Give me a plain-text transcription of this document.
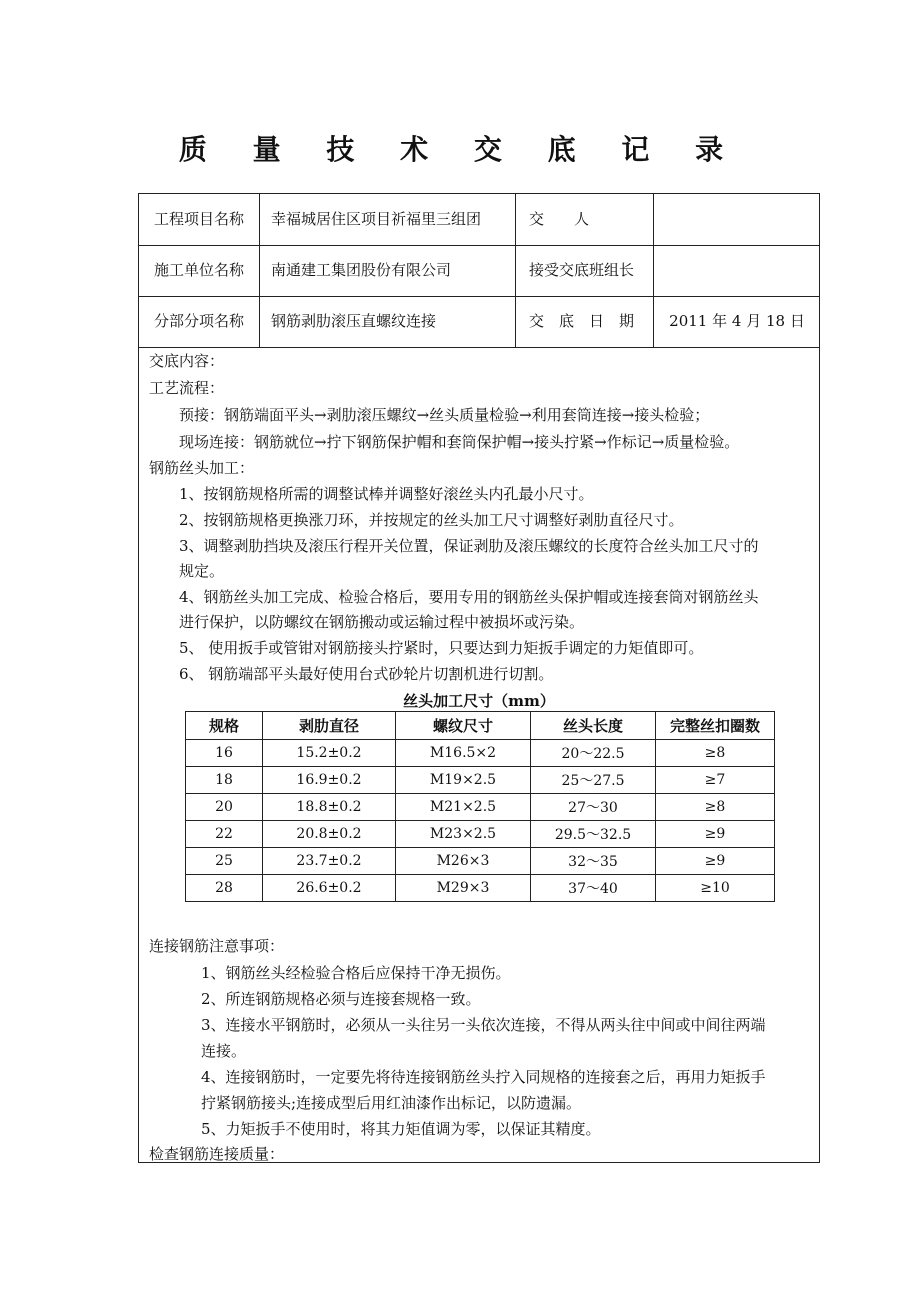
质 量 技 术 交 底 记 录
工程项目名称	幸福城居住区项目祈福里三组团	交　　人
施工单位名称	南通建工集团股份有限公司	接受交底班组长
分部分项名称	钢筋剥肋滚压直螺纹连接	交　底　日　期	2011 年 4 月 18 日
交底内容：
工艺流程：
预接：钢筋端面平头→剥肋滚压螺纹→丝头质量检验→利用套筒连接→接头检验；
现场连接：钢筋就位→拧下钢筋保护帽和套筒保护帽→接头拧紧→作标记→质量检验。
钢筋丝头加工：
1、按钢筋规格所需的调整试棒并调整好滚丝头内孔最小尺寸。
2、按钢筋规格更换涨刀环，并按规定的丝头加工尺寸调整好剥肋直径尺寸。
3、调整剥肋挡块及滚压行程开关位置，保证剥肋及滚压螺纹的长度符合丝头加工尺寸的
规定。
4、钢筋丝头加工完成、检验合格后，要用专用的钢筋丝头保护帽或连接套筒对钢筋丝头
进行保护，以防螺纹在钢筋搬动或运输过程中被损坏或污染。
5、 使用扳手或管钳对钢筋接头拧紧时，只要达到力矩扳手调定的力矩值即可。
6、 钢筋端部平头最好使用台式砂轮片切割机进行切割。
丝头加工尺寸（mm）
规格	剥肋直径	螺纹尺寸	丝头长度	完整丝扣圈数
16	15.2±0.2	M16.5×2	20～22.5	≥8
18	16.9±0.2	M19×2.5	25～27.5	≥7
20	18.8±0.2	M21×2.5	27～30	≥8
22	20.8±0.2	M23×2.5	29.5～32.5	≥9
25	23.7±0.2	M26×3	32～35	≥9
28	26.6±0.2	M29×3	37～40	≥10
连接钢筋注意事项：
1、钢筋丝头经检验合格后应保持干净无损伤。
2、所连钢筋规格必须与连接套规格一致。
3、连接水平钢筋时，必须从一头往另一头依次连接，不得从两头往中间或中间往两端
连接。
4、连接钢筋时，一定要先将待连接钢筋丝头拧入同规格的连接套之后，再用力矩扳手
拧紧钢筋接头;连接成型后用红油漆作出标记，以防遗漏。
5、力矩扳手不使用时，将其力矩值调为零，以保证其精度。
检查钢筋连接质量：
